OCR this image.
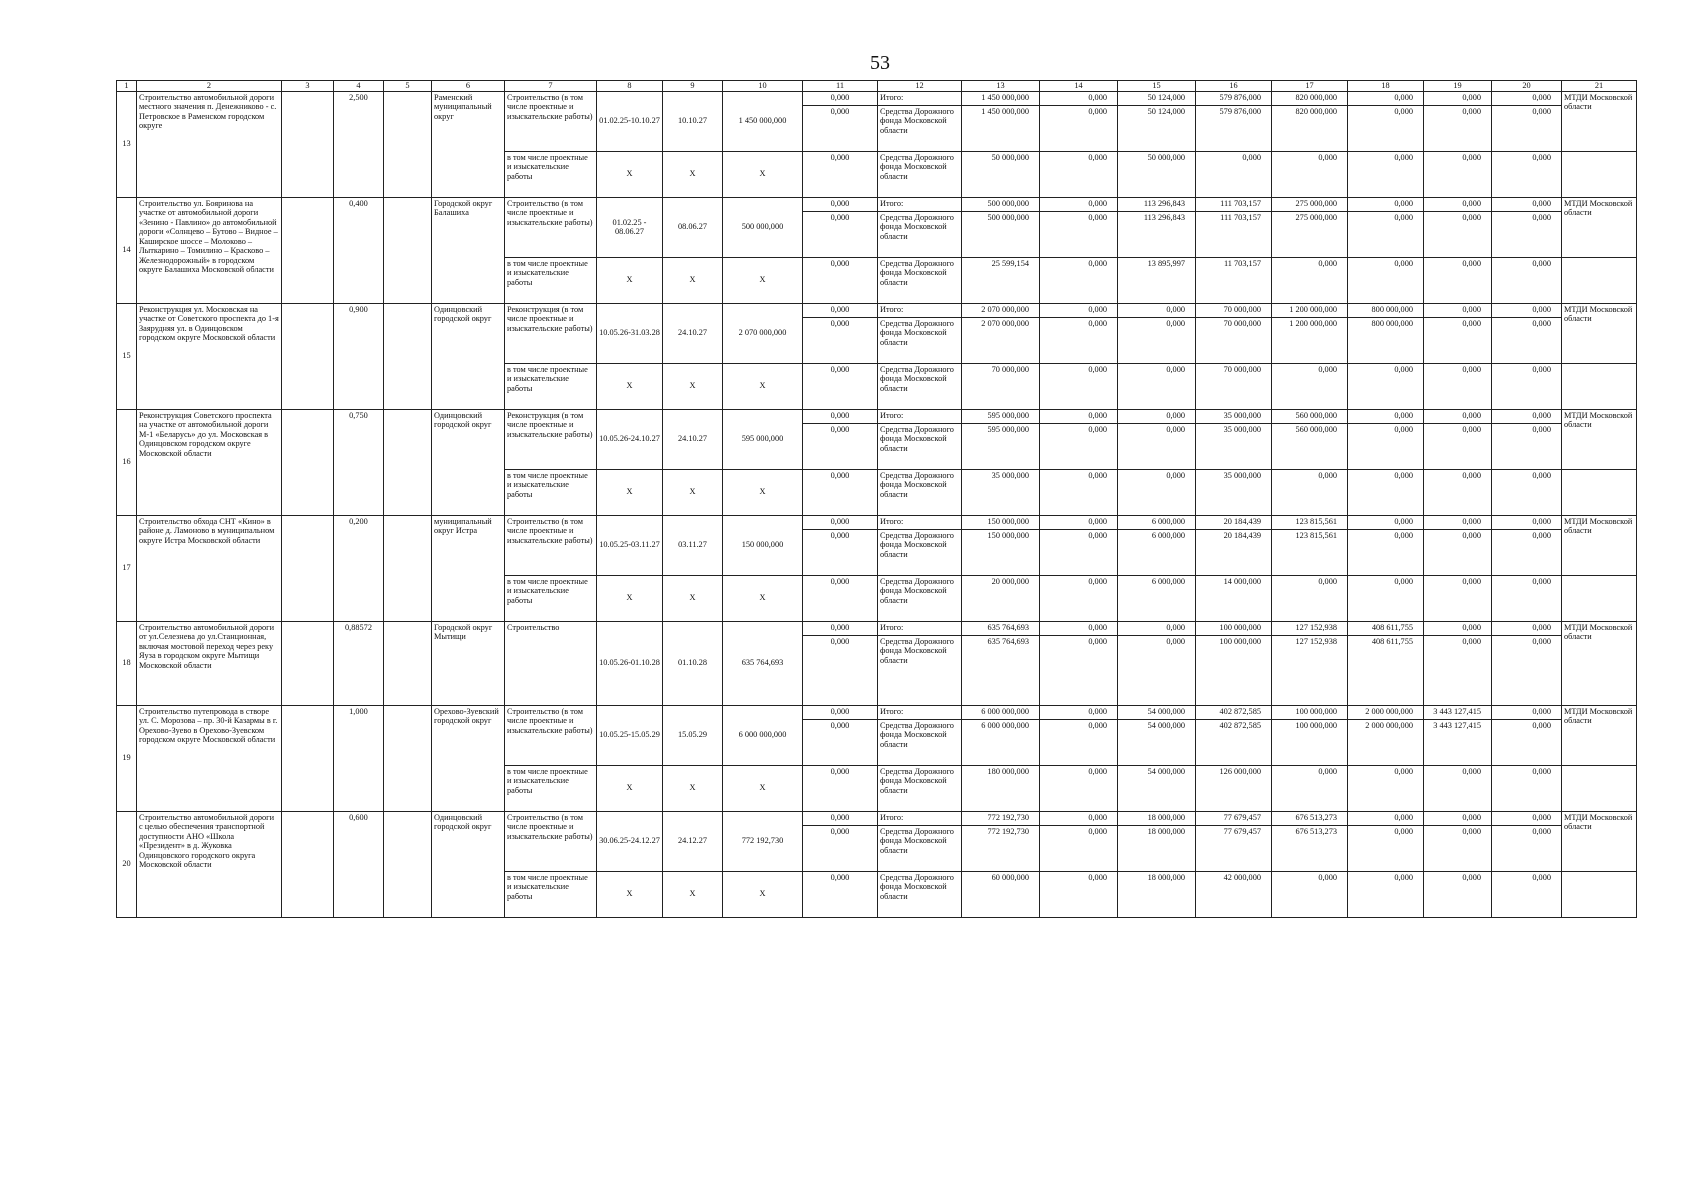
53
1	2	3	4	5	6	7	8	9	10	11	12	13	14	15	16	17	18	19	20	21
13	Строительство автомобильной дороги местного значения п. Денежниково - с. Петровское в Раменском городском округе		2,500		Раменский муниципальный округ	Строительство (в том числе проектные и изыскательские работы)	01.02.25-10.10.27	10.10.27	1 450 000,000	0,000	Итого:	1 450 000,000	0,000	50 124,000	579 876,000	820 000,000	0,000	0,000	0,000	МТДИ Московской области
										0,000	Средства Дорожного фонда Московской области	1 450 000,000	0,000	50 124,000	579 876,000	820 000,000	0,000	0,000	0,000	
						в том числе проектные и изыскательские работы	Х	Х	Х	0,000	Средства Дорожного фонда Московской области	50 000,000	0,000	50 000,000	0,000	0,000	0,000	0,000	0,000	
14	Строительство ул. Бояринова на участке от автомобильной дороги «Зенино - Павлино» до автомобильной дороги «Солнцево – Бутово – Видное – Каширское шоссе – Молоково – Лыткарино – Томилино – Красково – Железнодорожный» в городском округе Балашиха Московской области		0,400		Городской округ Балашиха	Строительство (в том числе проектные и изыскательские работы)	01.02.25 - 08.06.27	08.06.27	500 000,000	0,000	Итого:	500 000,000	0,000	113 296,843	111 703,157	275 000,000	0,000	0,000	0,000	МТДИ Московской области
										0,000	Средства Дорожного фонда Московской области	500 000,000	0,000	113 296,843	111 703,157	275 000,000	0,000	0,000	0,000	
						в том числе проектные и изыскательские работы	Х	Х	Х	0,000	Средства Дорожного фонда Московской области	25 599,154	0,000	13 895,997	11 703,157	0,000	0,000	0,000	0,000	
15	Реконструкция ул. Московская на участке от Советского проспекта до 1-я Заярудняя ул. в Одинцовском городском округе Московской области		0,900		Одинцовский городской округ	Реконструкция (в том числе проектные и изыскательские работы)	10.05.26-31.03.28	24.10.27	2 070 000,000	0,000	Итого:	2 070 000,000	0,000	0,000	70 000,000	1 200 000,000	800 000,000	0,000	0,000	МТДИ Московской области
										0,000	Средства Дорожного фонда Московской области	2 070 000,000	0,000	0,000	70 000,000	1 200 000,000	800 000,000	0,000	0,000	
						в том числе проектные и изыскательские работы	Х	Х	Х	0,000	Средства Дорожного фонда Московской области	70 000,000	0,000	0,000	70 000,000	0,000	0,000	0,000	0,000	
16	Реконструкция Советского проспекта на участке от автомобильной дороги М-1 «Беларусь» до ул. Московская в Одинцовском городском округе Московской области		0,750		Одинцовский городской округ	Реконструкция (в том числе проектные и изыскательские работы)	10.05.26-24.10.27	24.10.27	595 000,000	0,000	Итого:	595 000,000	0,000	0,000	35 000,000	560 000,000	0,000	0,000	0,000	МТДИ Московской области
										0,000	Средства Дорожного фонда Московской области	595 000,000	0,000	0,000	35 000,000	560 000,000	0,000	0,000	0,000	
						в том числе проектные и изыскательские работы	Х	Х	Х	0,000	Средства Дорожного фонда Московской области	35 000,000	0,000	0,000	35 000,000	0,000	0,000	0,000	0,000	
17	Строительство обхода СНТ «Кино» в районе д. Ламоново в муниципальном округе Истра Московской области		0,200		муниципальный округ Истра	Строительство (в том числе проектные и изыскательские работы)	10.05.25-03.11.27	03.11.27	150 000,000	0,000	Итого:	150 000,000	0,000	6 000,000	20 184,439	123 815,561	0,000	0,000	0,000	МТДИ Московской области
										0,000	Средства Дорожного фонда Московской области	150 000,000	0,000	6 000,000	20 184,439	123 815,561	0,000	0,000	0,000	
						в том числе проектные и изыскательские работы	Х	Х	Х	0,000	Средства Дорожного фонда Московской области	20 000,000	0,000	6 000,000	14 000,000	0,000	0,000	0,000	0,000	
18	Строительство автомобильной дороги от ул.Селезнева до ул.Станционная, включая мостовой переход через реку Яуза в городском округе Мытищи Московской области		0,88572		Городской округ Мытищи	Строительство	10.05.26-01.10.28	01.10.28	635 764,693	0,000	Итого:	635 764,693	0,000	0,000	100 000,000	127 152,938	408 611,755	0,000	0,000	МТДИ Московской области
										0,000	Средства Дорожного фонда Московской области	635 764,693	0,000	0,000	100 000,000	127 152,938	408 611,755	0,000	0,000	
19	Строительство путепровода в створе ул. С. Морозова – пр. 30-й Казармы в г. Орехово-Зуево в Орехово-Зуевском городском округе Московской области		1,000		Орехово-Зуевский городской округ	Строительство (в том числе проектные и изыскательские работы)	10.05.25-15.05.29	15.05.29	6 000 000,000	0,000	Итого:	6 000 000,000	0,000	54 000,000	402 872,585	100 000,000	2 000 000,000	3 443 127,415	0,000	МТДИ Московской области
										0,000	Средства Дорожного фонда Московской области	6 000 000,000	0,000	54 000,000	402 872,585	100 000,000	2 000 000,000	3 443 127,415	0,000	
						в том числе проектные и изыскательские работы	Х	Х	Х	0,000	Средства Дорожного фонда Московской области	180 000,000	0,000	54 000,000	126 000,000	0,000	0,000	0,000	0,000	
20	Строительство автомобильной дороги с целью обеспечения транспортной доступности АНО «Школа «Президент» в д. Жуковка Одинцовского городского округа Московской области		0,600		Одинцовский городской округ	Строительство (в том числе проектные и изыскательские работы)	30.06.25-24.12.27	24.12.27	772 192,730	0,000	Итого:	772 192,730	0,000	18 000,000	77 679,457	676 513,273	0,000	0,000	0,000	МТДИ Московской области
										0,000	Средства Дорожного фонда Московской области	772 192,730	0,000	18 000,000	77 679,457	676 513,273	0,000	0,000	0,000	
						в том числе проектные и изыскательские работы	Х	Х	Х	0,000	Средства Дорожного фонда Московской области	60 000,000	0,000	18 000,000	42 000,000	0,000	0,000	0,000	0,000	
